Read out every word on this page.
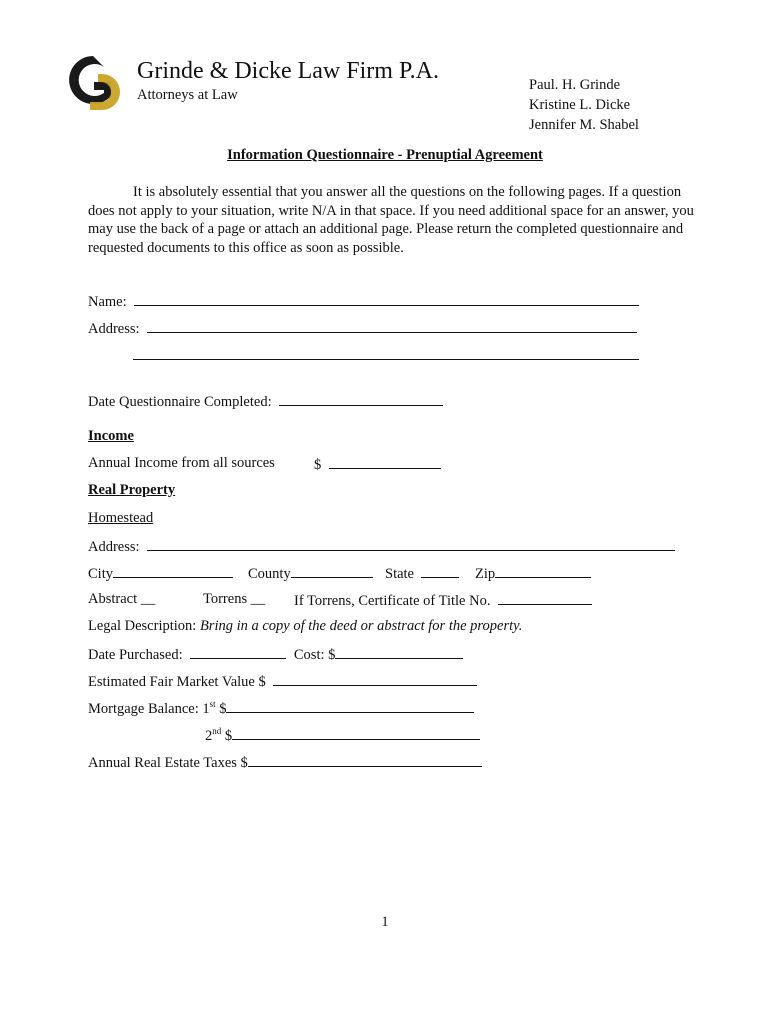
Grinde & Dicke Law Firm P.A.
Attorneys at Law
Paul. H. Grinde
Kristine L. Dicke
Jennifer M. Shabel
Information Questionnaire - Prenuptial Agreement
It is absolutely essential that you answer all the questions on the following pages. If a question does not apply to your situation, write N/A in that space. If you need additional space for an answer, you may use the back of a page or attach an additional page. Please return the completed questionnaire and requested documents to this office as soon as possible.
Name:
Address:
Date Questionnaire Completed:
Income
Annual Income from all sources	$
Real Property
Homestead
Address:
City	County	State	Zip
Abstract __	Torrens __ If Torrens, Certificate of Title No.
Legal Description: Bring in a copy of the deed or abstract for the property.
Date Purchased:	Cost: $
Estimated Fair Market Value $
Mortgage Balance: 1st $
2nd $
Annual Real Estate Taxes $
1
